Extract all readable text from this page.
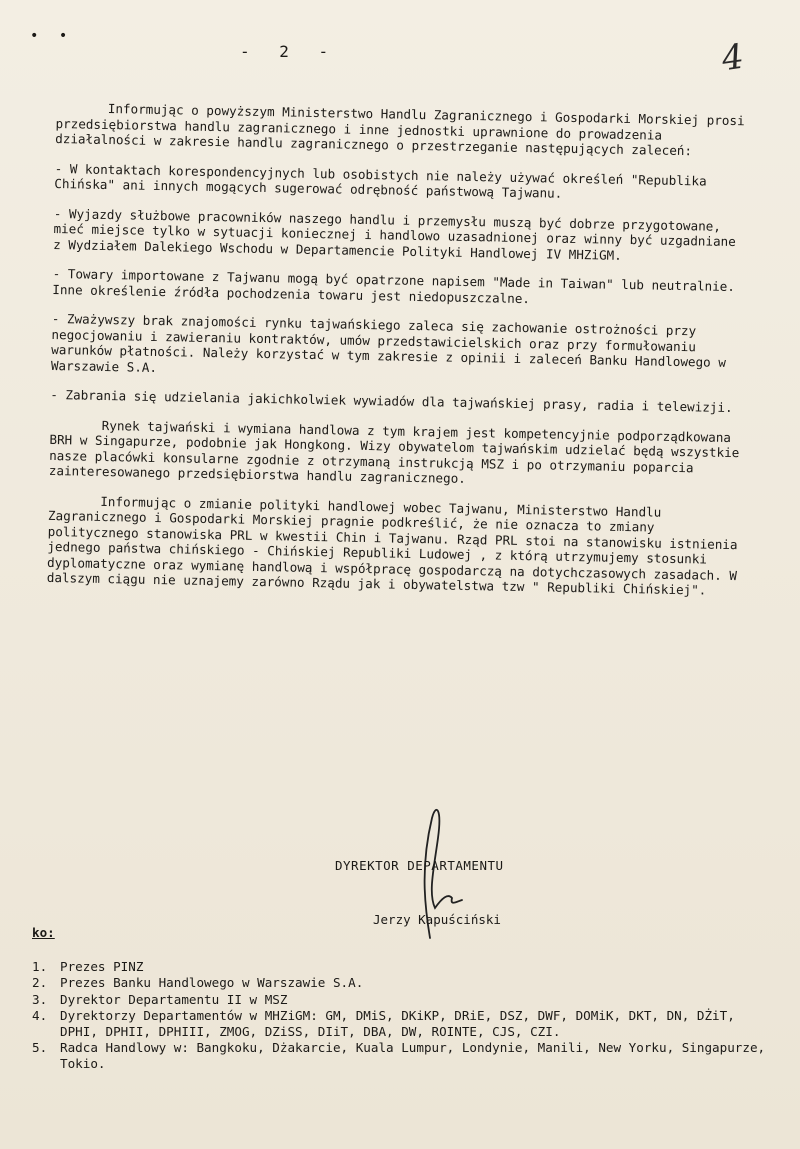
• •
- 2 -	4

Informując o powyższym Ministerstwo Handlu Zagranicznego i Gospodarki Morskiej prosi przedsiębiorstwa handlu zagranicznego i inne jednostki uprawnione do prowadzenia działalności w zakresie handlu zagranicznego o przestrzeganie następujących zaleceń:

- W kontaktach korespondencyjnych lub osobistych nie należy używać określeń "Republika Chińska" ani innych mogących sugerować odrębność państwową Tajwanu.

- Wyjazdy służbowe pracowników naszego handlu i przemysłu muszą być dobrze przygotowane, mieć miejsce tylko w sytuacji koniecznej i handlowo uzasadnionej oraz winny być uzgadniane z Wydziałem Dalekiego Wschodu w Departamencie Polityki Handlowej IV MHZiGM.

- Towary importowane z Tajwanu mogą być opatrzone napisem "Made in Taiwan" lub neutralnie. Inne określenie źródła pochodzenia towaru jest niedopuszczalne.

- Zważywszy brak znajomości rynku tajwańskiego zaleca się zachowanie ostrożności przy negocjowaniu i zawieraniu kontraktów, umów przedstawicielskich oraz przy formułowaniu warunków płatności. Należy korzystać w tym zakresie z opinii i zaleceń Banku Handlowego w Warszawie S.A.

- Zabrania się udzielania jakichkolwiek wywiadów dla tajwańskiej prasy, radia i telewizji.

Rynek tajwański i wymiana handlowa z tym krajem jest kompetencyjnie podporządkowana BRH w Singapurze, podobnie jak Hongkong. Wizy obywatelom tajwańskim udzielać będą wszystkie nasze placówki konsularne zgodnie z otrzymaną instrukcją MSZ i po otrzymaniu poparcia zainteresowanego przedsiębiorstwa handlu zagranicznego.

Informując o zmianie polityki handlowej wobec Tajwanu, Ministerstwo Handlu Zagranicznego i Gospodarki Morskiej pragnie podkreślić, że nie oznacza to zmiany politycznego stanowiska PRL w kwestii Chin i Tajwanu. Rząd PRL stoi na stanowisku istnienia jednego państwa chińskiego - Chińskiej Republiki Ludowej , z którą utrzymujemy stosunki dyplomatyczne oraz wymianę handlową i współpracę gospodarczą na dotychczasowych zasadach. W dalszym ciągu nie uznajemy zarówno Rządu jak i obywatelstwa tzw " Republiki Chińskiej".

DYREKTOR DEPARTAMENTU
Jerzy Kapuściński
ko:
1.	Prezes PINZ
2.	Prezes Banku Handlowego w Warszawie S.A.
3.	Dyrektor Departamentu II w MSZ
4.	Dyrektorzy Departamentów w MHZiGM: GM, DMiS, DKiKP, DRiE, DSZ, DWF, DOMiK, DKT, DN, DŻiT, DPHI, DPHII, DPHIII, ZMOG, DZiSS, DIiT, DBA, DW, ROINTE, CJS, CZI.
5.	Radca Handlowy w: Bangkoku, Dżakarcie, Kuala Lumpur, Londynie, Manili, New Yorku, Singapurze, Tokio.
